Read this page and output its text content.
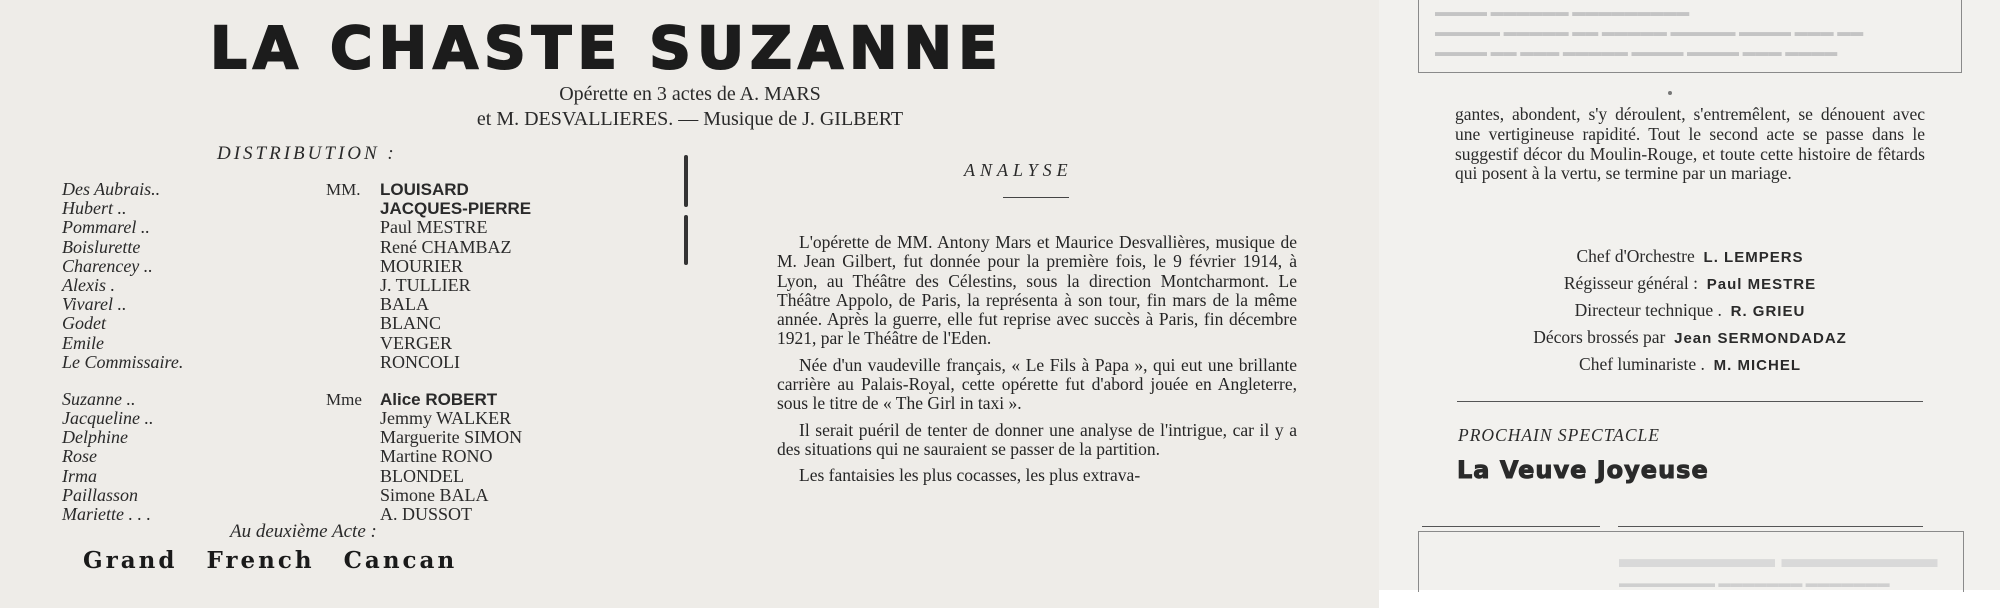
LA CHASTE SUZANNE
Opérette en 3 actes de A. MARS
et M. DESVALLIERES. — Musique de J. GILBERT
DISTRIBUTION :
Des Aubrais..	MM. LOUISARD
Hubert ..	JACQUES-PIERRE
Pommarel ..	Paul MESTRE
Boislurette	René CHAMBAZ
Charencey ..	MOURIER
Alexis .	J. TULLIER
Vivarel ..	BALA
Godet	BLANC
Emile	VERGER
Le Commissaire.	RONCOLI
Suzanne ..	Mme Alice ROBERT
Jacqueline ..	Jemmy WALKER
Delphine	Marguerite SIMON
Rose	Martine RONO
Irma	BLONDEL
Paillasson	Simone BALA
Mariette . . .	A. DUSSOT
Au deuxième Acte :
Grand French Cancan
ANALYSE

L'opérette de MM. Antony Mars et Maurice Desvallières, musique de M. Jean Gilbert, fut donnée pour la première fois, le 9 février 1914, à Lyon, au Théâtre des Célestins, sous la direction Montcharmont. Le Théâtre Appolo, de Paris, la représenta à son tour, fin mars de la même année. Après la guerre, elle fut reprise avec succès à Paris, fin décembre 1921, par le Théâtre de l'Eden.

Née d'un vaudeville français, « Le Fils à Papa », qui eut une brillante carrière au Palais-Royal, cette opérette fut d'abord jouée en Angleterre, sous le titre de « The Girl in taxi ».

Il serait puéril de tenter de donner une analyse de l'intrigue, car il y a des situations qui ne sauraient se passer de la partition.

Les fantaisies les plus cocasses, les plus extrava-

▬▬▬▬ ▬▬▬▬▬▬ ▬▬▬▬▬▬▬▬▬
▬▬▬▬▬ ▬▬▬▬▬ ▬▬ ▬▬▬▬▬ ▬▬▬▬▬ ▬▬▬▬ ▬▬▬ ▬▬
▬▬▬▬ ▬▬ ▬▬▬ ▬▬▬▬▬ ▬▬▬▬ ▬▬▬▬ ▬▬▬ ▬▬▬▬
gantes, abondent, s'y déroulent, s'entremêlent, se dénouent avec une vertigineuse rapidité. Tout le second acte se passe dans le suggestif décor du Moulin-Rouge, et toute cette histoire de fêtards qui posent à la vertu, se termine par un mariage.
Chef d'Orchestre L. LEMPERS
Régisseur général : Paul MESTRE
Directeur technique . R. GRIEU
Décors brossés par Jean SERMONDADAZ
Chef luminariste . M. MICHEL
PROCHAIN SPECTACLE
La Veuve Joyeuse
▬▬▬▬▬▬ ▬▬▬▬▬▬
▬▬▬▬▬▬▬▬ ▬▬▬▬▬▬▬ ▬▬▬▬▬▬▬
